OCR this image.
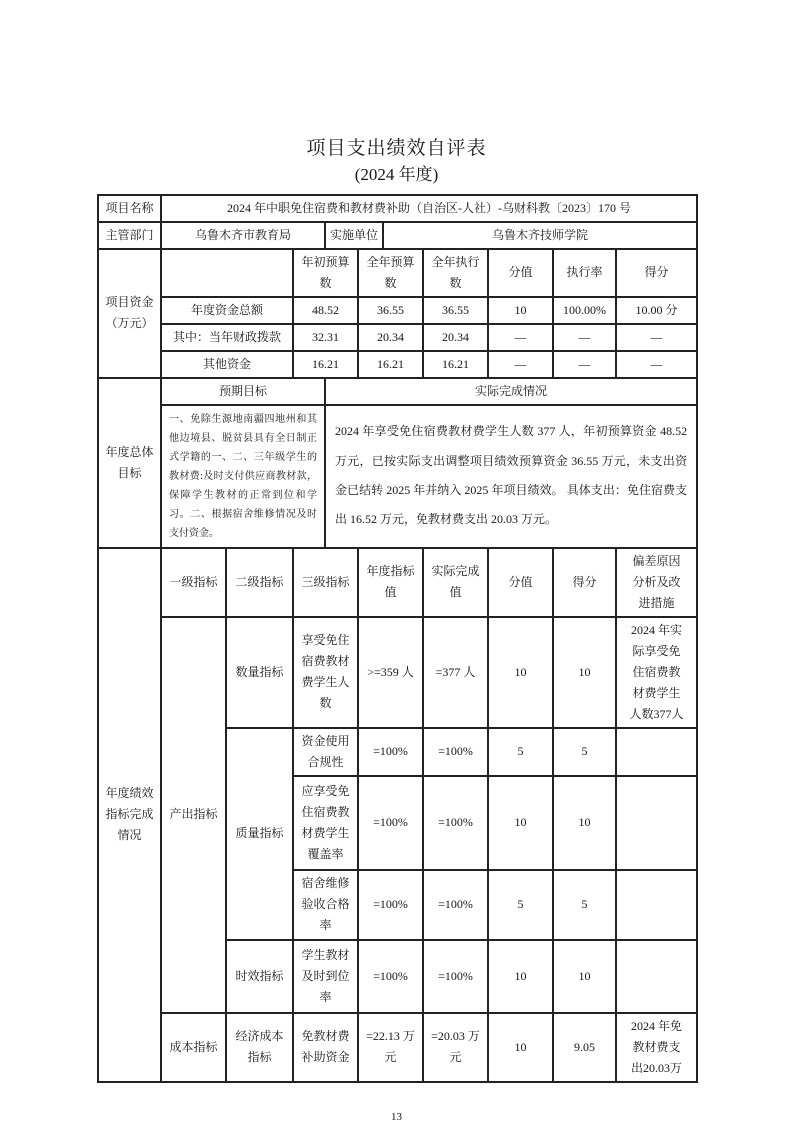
项目支出绩效自评表
(2024 年度)
项目名称	2024 年中职免住宿费和教材费补助（自治区-人社）-乌财科教〔2023〕170 号									
主管部门	乌鲁木齐市教育局			实施单位		乌鲁木齐技师学院				
项目资金（万元）			年初预算数		全年预算数		全年执行数	分值	执行率	得分
	年度资金总额		48.52		36.55		36.55	10	100.00%	10.00 分
	其中：当年财政拨款		32.31		20.34		20.34	—	—	—
	其他资金		16.21		16.21		16.21	—	—	—
年度总体目标	预期目标			实际完成情况						
	一、免除生源地南疆四地州和其他边境县、脱贫县具有全日制正式学籍的一、二、三年级学生的教材费:及时支付供应商教材款，保障学生教材的正常到位和学习。二、根据宿舍维修情况及时支付资金。			2024 年享受免住宿费教材费学生人数 377 人，年初预算资金 48.52 万元，已按实际支出调整项目绩效预算资金 36.55 万元，未支出资金已结转 2025 年并纳入 2025 年项目绩效。 具体支出：免住宿费支出 16.52 万元，免教材费支出 20.03 万元。						
年度绩效指标完成情况	一级指标	二级指标	三级指标		年度指标值		实际完成值	分值	得分	偏差原因分析及改进措施
	产出指标	数量指标	享受免住宿费教材费学生人数		>=359 人		=377 人	10	10	2024 年实际享受免住宿费教材费学生人数377人
		质量指标	资金使用合规性		=100%		=100%	5	5	
			应享受免住宿费教材费学生覆盖率		=100%		=100%	10	10	
			宿舍维修验收合格率		=100%		=100%	5	5	
		时效指标	学生教材及时到位率		=100%		=100%	10	10	
	成本指标	经济成本指标	免教材费补助资金		=22.13 万元		=20.03 万元	10	9.05	2024 年免教材费支出20.03万
13
